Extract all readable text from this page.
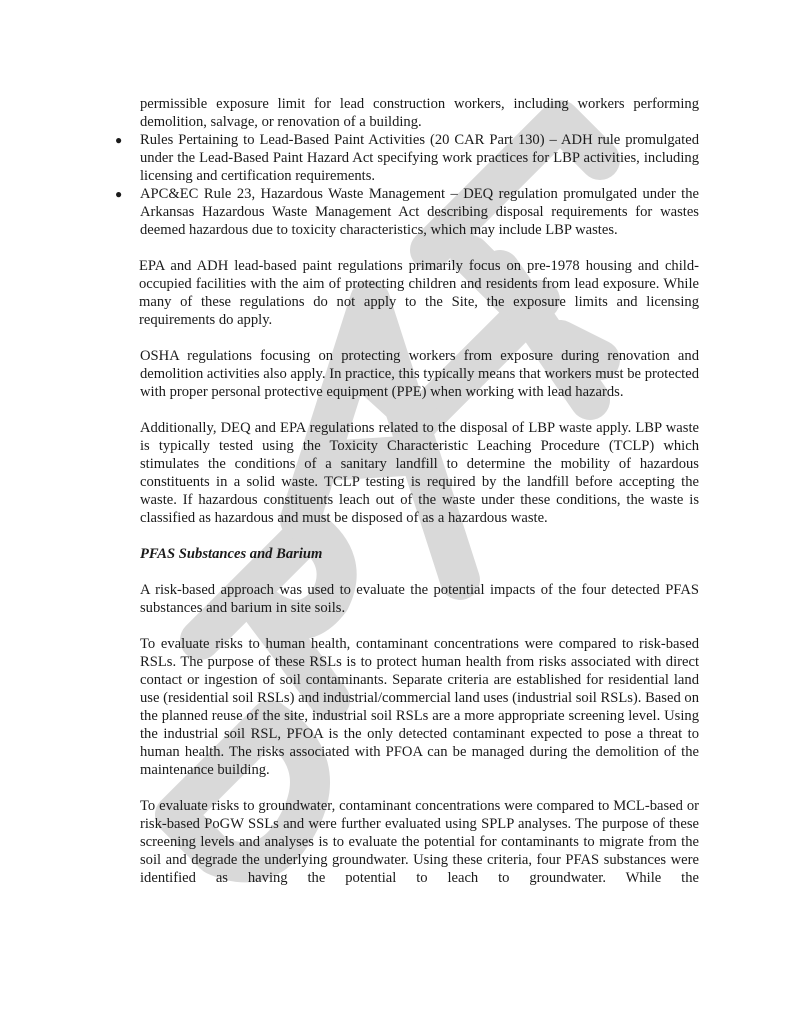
permissible exposure limit for lead construction workers, including workers performing demolition, salvage, or renovation of a building.
● Rules Pertaining to Lead-Based Paint Activities (20 CAR Part 130) – ADH rule promulgated under the Lead-Based Paint Hazard Act specifying work practices for LBP activities, including licensing and certification requirements.
● APC&EC Rule 23, Hazardous Waste Management – DEQ regulation promulgated under the Arkansas Hazardous Waste Management Act describing disposal requirements for wastes deemed hazardous due to toxicity characteristics, which may include LBP wastes.

EPA and ADH lead-based paint regulations primarily focus on pre-1978 housing and child-occupied facilities with the aim of protecting children and residents from lead exposure. While many of these regulations do not apply to the Site, the exposure limits and licensing requirements do apply.

OSHA regulations focusing on protecting workers from exposure during renovation and demolition activities also apply. In practice, this typically means that workers must be protected with proper personal protective equipment (PPE) when working with lead hazards.

Additionally, DEQ and EPA regulations related to the disposal of LBP waste apply. LBP waste is typically tested using the Toxicity Characteristic Leaching Procedure (TCLP) which stimulates the conditions of a sanitary landfill to determine the mobility of hazardous constituents in a solid waste. TCLP testing is required by the landfill before accepting the waste. If hazardous constituents leach out of the waste under these conditions, the waste is classified as hazardous and must be disposed of as a hazardous waste.

PFAS Substances and Barium

A risk-based approach was used to evaluate the potential impacts of the four detected PFAS substances and barium in site soils.

To evaluate risks to human health, contaminant concentrations were compared to risk-based RSLs. The purpose of these RSLs is to protect human health from risks associated with direct contact or ingestion of soil contaminants. Separate criteria are established for residential land use (residential soil RSLs) and industrial/commercial land uses (industrial soil RSLs). Based on the planned reuse of the site, industrial soil RSLs are a more appropriate screening level. Using the industrial soil RSL, PFOA is the only detected contaminant expected to pose a threat to human health. The risks associated with PFOA can be managed during the demolition of the maintenance building.

To evaluate risks to groundwater, contaminant concentrations were compared to MCL-based or risk-based PoGW SSLs and were further evaluated using SPLP analyses. The purpose of these screening levels and analyses is to evaluate the potential for contaminants to migrate from the soil and degrade the underlying groundwater. Using these criteria, four PFAS substances were identified as having the potential to leach to groundwater. While the
